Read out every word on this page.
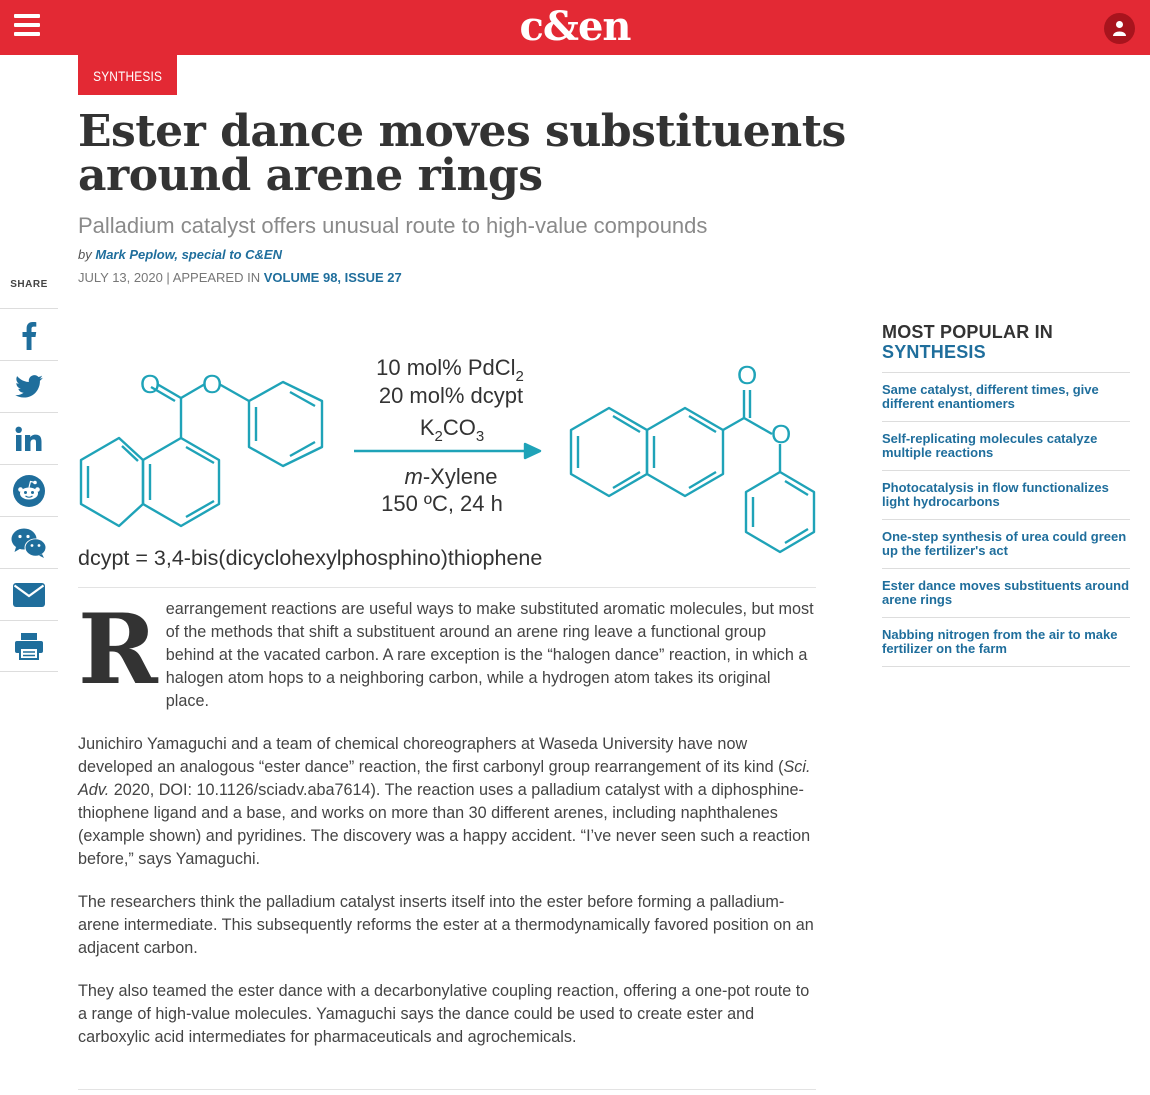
c&en
SYNTHESIS
Ester dance moves substituents around arene rings
Palladium catalyst offers unusual route to high-value compounds
by Mark Peplow, special to C&EN
JULY 13, 2020 | APPEARED IN VOLUME 98, ISSUE 27
SHARE
O O	O
O
10 mol% PdCl$_2$
20 mol% dcypt
$K_2CO_3$
m-Xylene
150 ºC, 24 h
dcypt = 3,4-bis(dicyclohexylphosphino)thiophene

Rearrangement reactions are useful ways to make substituted aromatic molecules, but most of the methods that shift a substituent around an arene ring leave a functional group behind at the vacated carbon. A rare exception is the “halogen dance” reaction, in which a halogen atom hops to a neighboring carbon, while a hydrogen atom takes its original place.

Junichiro Yamaguchi and a team of chemical choreographers at Waseda University have now developed an analogous “ester dance” reaction, the first carbonyl group rearrangement of its kind (Sci. Adv. 2020, DOI: 10.1126/sciadv.aba7614). The reaction uses a palladium catalyst with a diphosphine-thiophene ligand and a base, and works on more than 30 different arenes, including naphthalenes (example shown) and pyridines. The discovery was a happy accident. “I’ve never seen such a reaction before,” says Yamaguchi.

The researchers think the palladium catalyst inserts itself into the ester before forming a palladium-arene intermediate. This subsequently reforms the ester at a thermodynamically favored position on an adjacent carbon.

They also teamed the ester dance with a decarbonylative coupling reaction, offering a one-pot route to a range of high-value molecules. Yamaguchi says the dance could be used to create ester and carboxylic acid intermediates for pharmaceuticals and agrochemicals.

MOST POPULAR IN
SYNTHESIS
Same catalyst, different times, give different enantiomers
Self-replicating molecules catalyze multiple reactions
Photocatalysis in flow functionalizes light hydrocarbons
One-step synthesis of urea could green up the fertilizer's act
Ester dance moves substituents around arene rings
Nabbing nitrogen from the air to make fertilizer on the farm
